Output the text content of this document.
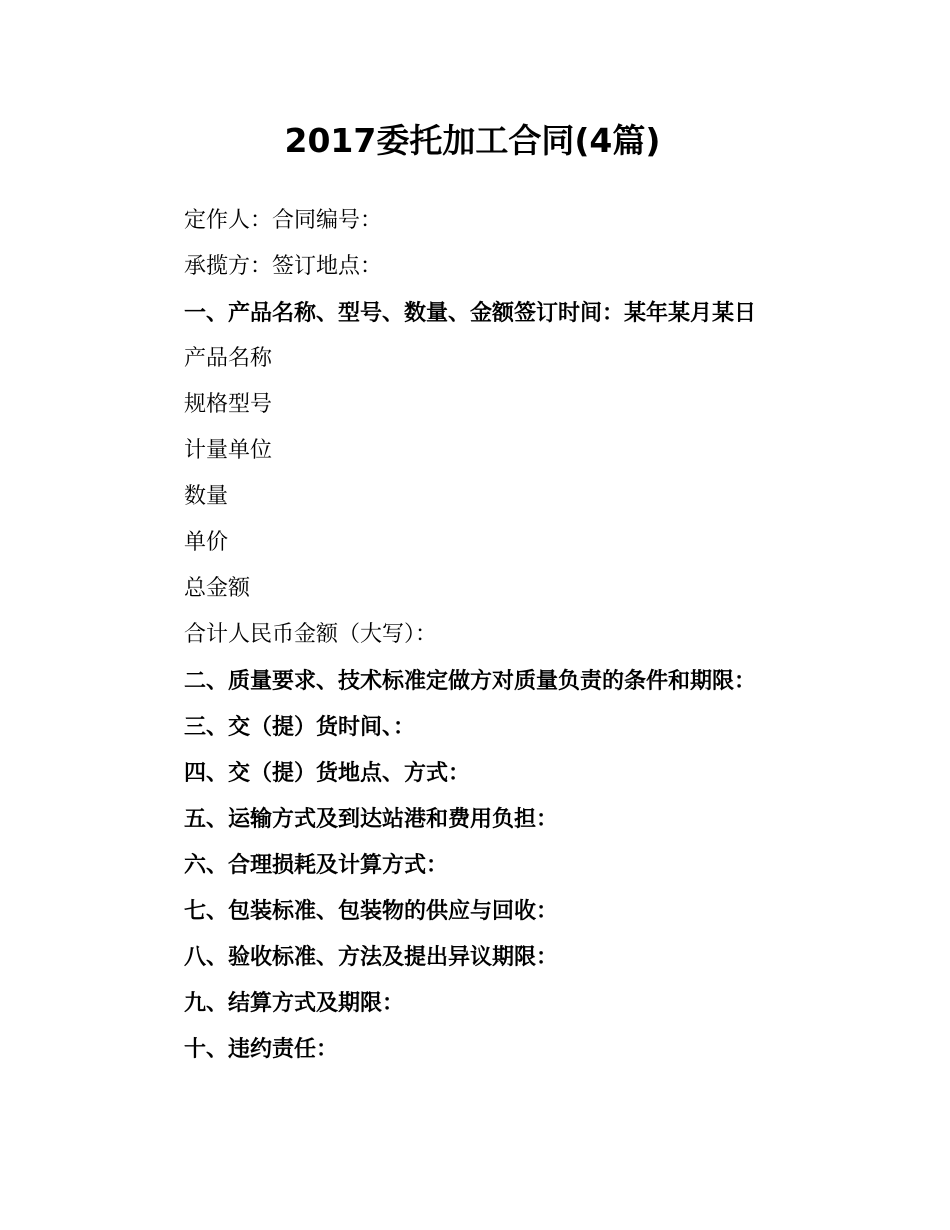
2017委托加工合同(4篇)

定作人：合同编号：

承揽方：签订地点：

一、产品名称、型号、数量、金额签订时间：某年某月某日

产品名称

规格型号

计量单位

数量

单价

总金额

合计人民币金额（大写）：

二、质量要求、技术标准定做方对质量负责的条件和期限：

三、交（提）货时间、：

四、交（提）货地点、方式：

五、运输方式及到达站港和费用负担：

六、合理损耗及计算方式：

七、包装标准、包装物的供应与回收：

八、验收标准、方法及提出异议期限：

九、结算方式及期限：

十、违约责任：
